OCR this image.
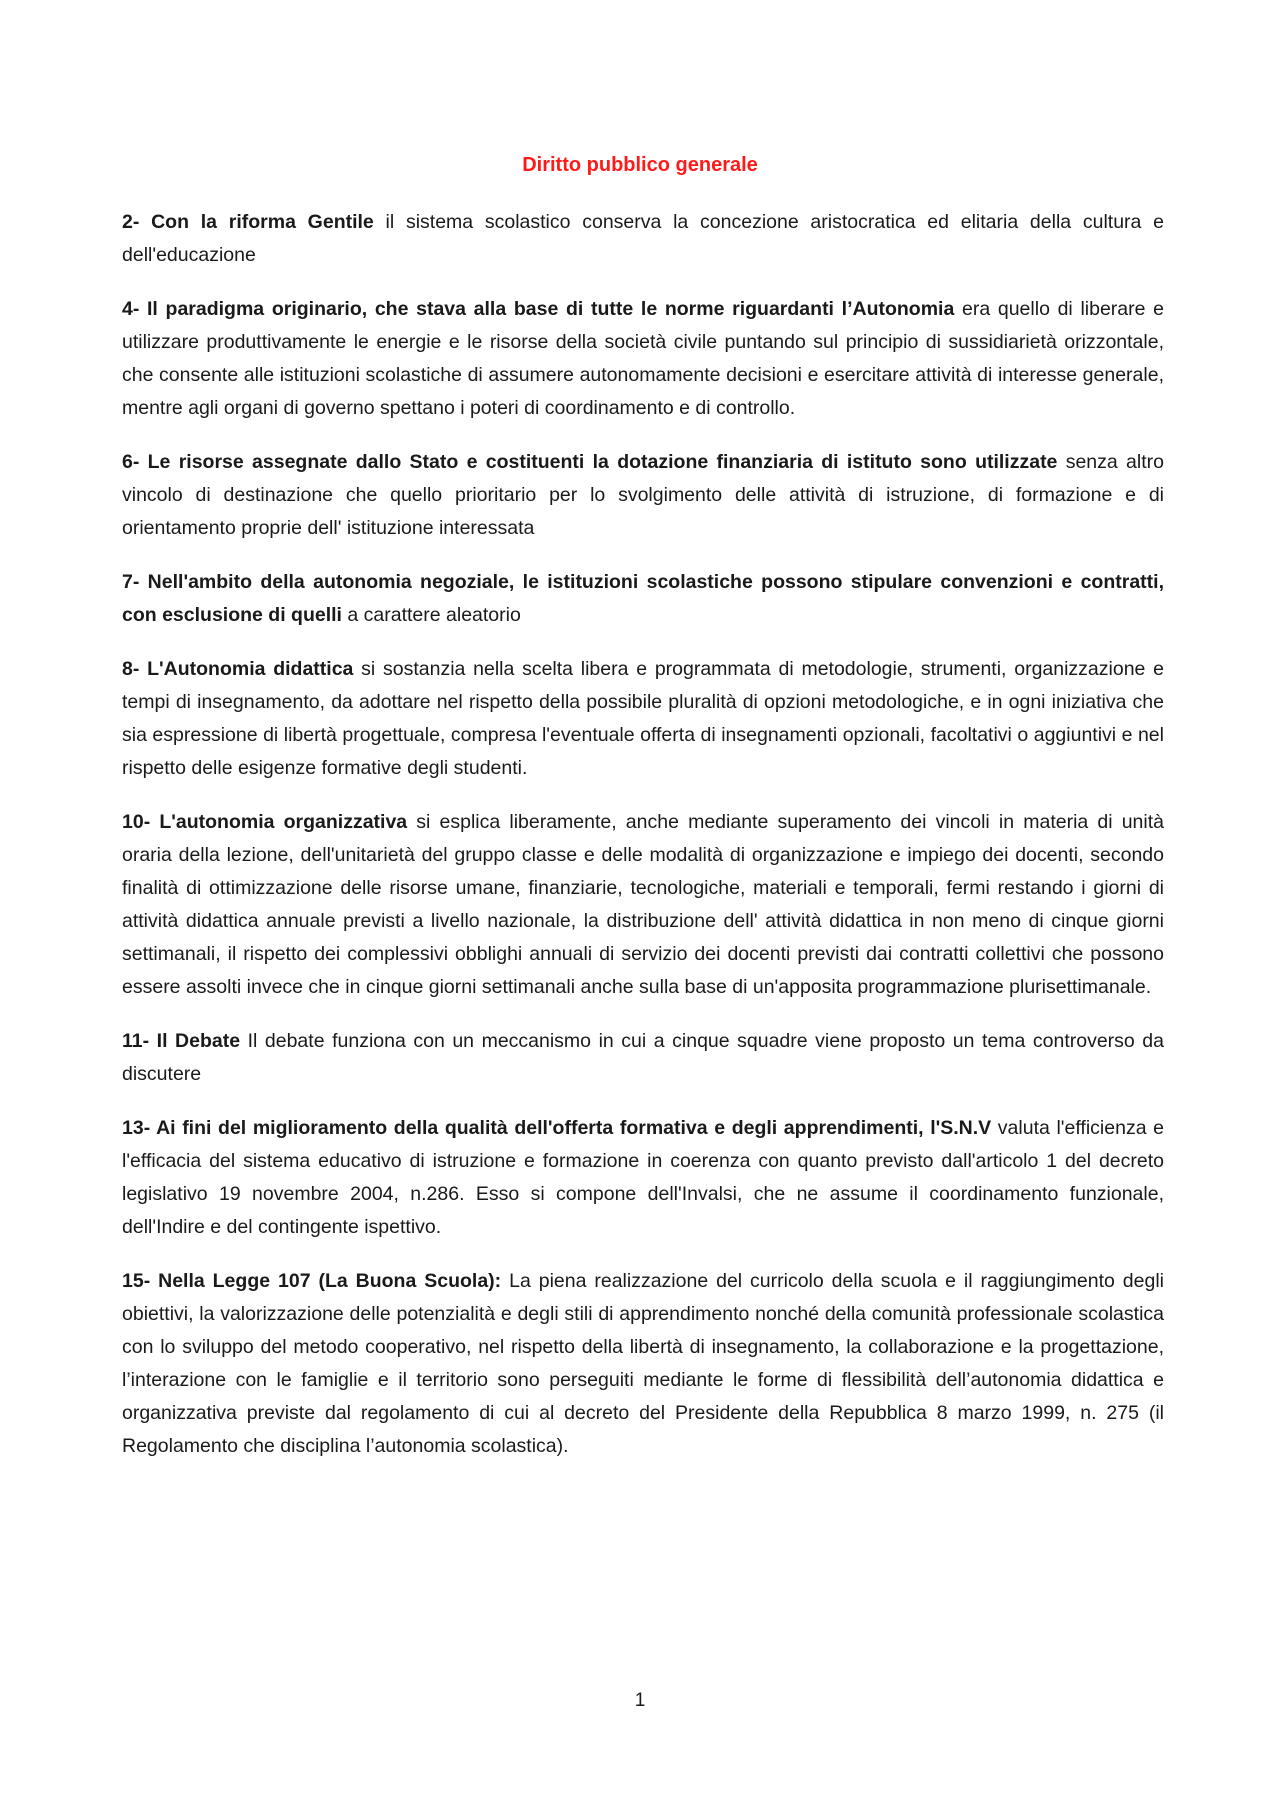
Diritto pubblico generale

2- Con la riforma Gentile il sistema scolastico conserva la concezione aristocratica ed elitaria della cultura e dell'educazione

4- Il paradigma originario, che stava alla base di tutte le norme riguardanti l’Autonomia era quello di liberare e utilizzare produttivamente le energie e le risorse della società civile puntando sul principio di sussidiarietà orizzontale, che consente alle istituzioni scolastiche di assumere autonomamente decisioni e esercitare attività di interesse generale, mentre agli organi di governo spettano i poteri di coordinamento e di controllo.

6- Le risorse assegnate dallo Stato e costituenti la dotazione finanziaria di istituto sono utilizzate senza altro vincolo di destinazione che quello prioritario per lo svolgimento delle attività di istruzione, di formazione e di orientamento proprie dell' istituzione interessata

7- Nell'ambito della autonomia negoziale, le istituzioni scolastiche possono stipulare convenzioni e contratti, con esclusione di quelli a carattere aleatorio

8- L'Autonomia didattica si sostanzia nella scelta libera e programmata di metodologie, strumenti, organizzazione e tempi di insegnamento, da adottare nel rispetto della possibile pluralità di opzioni metodologiche, e in ogni iniziativa che sia espressione di libertà progettuale, compresa l'eventuale offerta di insegnamenti opzionali, facoltativi o aggiuntivi e nel rispetto delle esigenze formative degli studenti.

10- L'autonomia organizzativa si esplica liberamente, anche mediante superamento dei vincoli in materia di unità oraria della lezione, dell'unitarietà del gruppo classe e delle modalità di organizzazione e impiego dei docenti, secondo finalità di ottimizzazione delle risorse umane, finanziarie, tecnologiche, materiali e temporali, fermi restando i giorni di attività didattica annuale previsti a livello nazionale, la distribuzione dell' attività didattica in non meno di cinque giorni settimanali, il rispetto dei complessivi obblighi annuali di servizio dei docenti previsti dai contratti collettivi che possono essere assolti invece che in cinque giorni settimanali anche sulla base di un'apposita programmazione plurisettimanale.

11- Il Debate Il debate funziona con un meccanismo in cui a cinque squadre viene proposto un tema controverso da discutere

13- Ai fini del miglioramento della qualità dell'offerta formativa e degli apprendimenti, l'S.N.V valuta l'efficienza e l'efficacia del sistema educativo di istruzione e formazione in coerenza con quanto previsto dall'articolo 1 del decreto legislativo 19 novembre 2004, n.286. Esso si compone dell'Invalsi, che ne assume il coordinamento funzionale, dell'Indire e del contingente ispettivo.

15- Nella Legge 107 (La Buona Scuola): La piena realizzazione del curricolo della scuola e il raggiungimento degli obiettivi, la valorizzazione delle potenzialità e degli stili di apprendimento nonché della comunità professionale scolastica con lo sviluppo del metodo cooperativo, nel rispetto della libertà di insegnamento, la collaborazione e la progettazione, l’interazione con le famiglie e il territorio sono perseguiti mediante le forme di flessibilità dell’autonomia didattica e organizzativa previste dal regolamento di cui al decreto del Presidente della Repubblica 8 marzo 1999, n. 275 (il Regolamento che disciplina l’autonomia scolastica).

1
